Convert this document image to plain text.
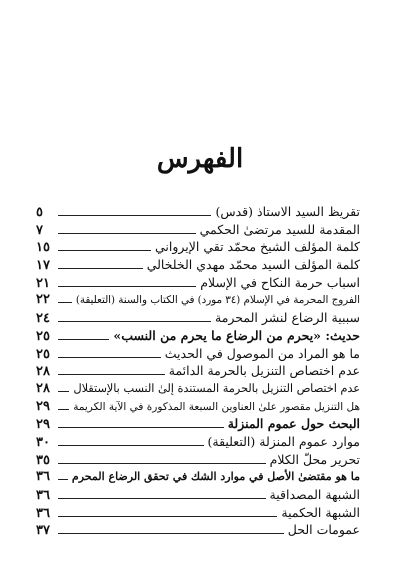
الفهرس
تقريظ السيد الاستاذ (قدس)
٥
المقدمة للسيد مرتضىٰ الحكمي
٧
كلمة المؤلف الشيخ محمّد تقي الإيرواني
١٥
كلمة المؤلف السيد محمّد مهدي الخلخالي
١٧
اسباب حرمة النكاح في الإسلام
٢١
الفروج المحرمة في الإسلام (٣٤ مورد) في الكتاب والسنة (التعليقة)
٢٢
سببية الرضاع لنشر المحرمة
٢٤
حديث: «يحرم من الرضاع ما يحرم من النسب»
٢٥
ما هو المراد من الموصول في الحديث
٢٥
عدم اختصاص التنزيل بالحرمة الدائمة
٢٨
عدم اختصاص التنزيل بالحرمة المستندة إلىٰ النسب بالإستقلال
٢٨
هل التنزيل مقصور علىٰ العناوين السبعة المذكورة في الآية الكريمة
٢٩
البحث حول عموم المنزلة
٢٩
موارد عموم المنزلة (التعليقة)
٣٠
تحرير محلّ الكلام
٣٥
ما هو مقتضىٰ الأصل في موارد الشك في تحقق الرضاع المحرم
٣٦
الشبهة المصداقية
٣٦
الشبهة الحكمية
٣٦
عمومات الحل
٣٧
